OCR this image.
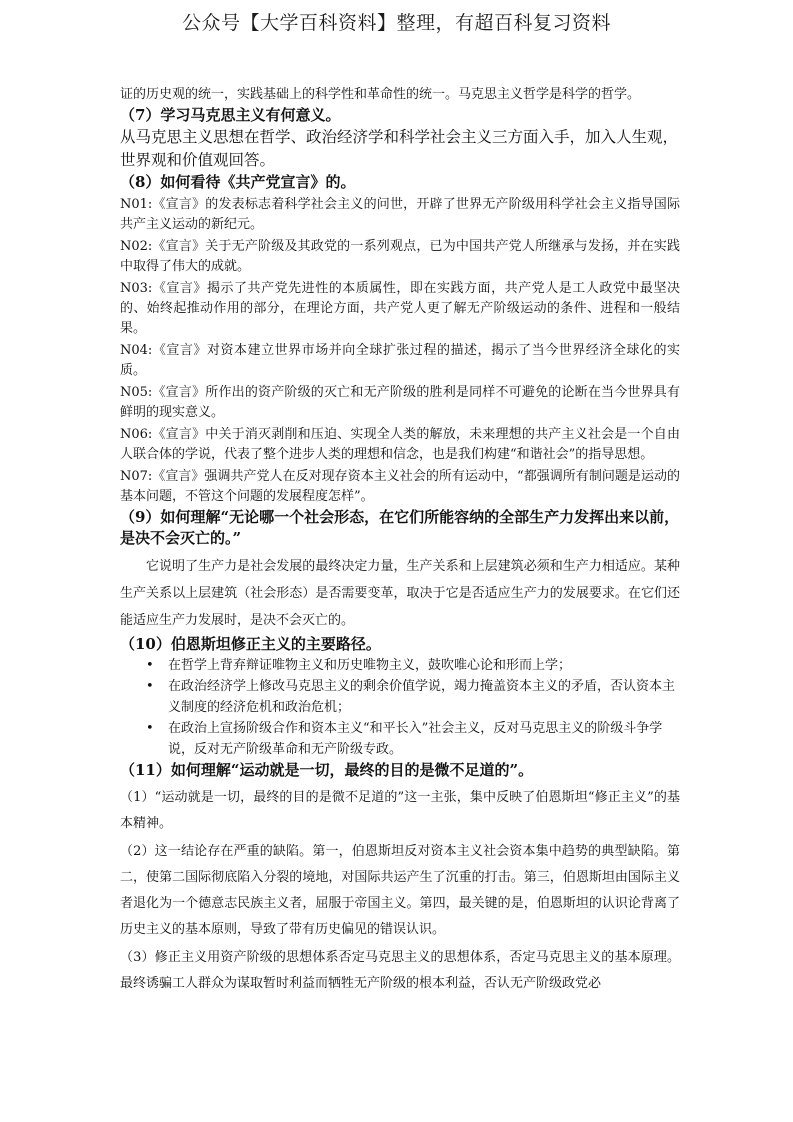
公众号【大学百科资料】整理，有超百科复习资料

证的历史观的统一，实践基础上的科学性和革命性的统一。马克思主义哲学是科学的哲学。

（7）学习马克思主义有何意义。

从马克思主义思想在哲学、政治经济学和科学社会主义三方面入手，加入人生观，世界观和价值观回答。

（8）如何看待《共产党宣言》的。

N01:《宣言》的发表标志着科学社会主义的问世，开辟了世界无产阶级用科学社会主义指导国际共产主义运动的新纪元。

N02:《宣言》关于无产阶级及其政党的一系列观点，已为中国共产党人所继承与发扬，并在实践中取得了伟大的成就。

N03:《宣言》揭示了共产党先进性的本质属性，即在实践方面，共产党人是工人政党中最坚决的、始终起推动作用的部分，在理论方面，共产党人更了解无产阶级运动的条件、进程和一般结果。

N04:《宣言》对资本建立世界市场并向全球扩张过程的描述，揭示了当今世界经济全球化的实质。

N05:《宣言》所作出的资产阶级的灭亡和无产阶级的胜利是同样不可避免的论断在当今世界具有鲜明的现实意义。

N06:《宣言》中关于消灭剥削和压迫、实现全人类的解放，未来理想的共产主义社会是一个自由人联合体的学说，代表了整个进步人类的理想和信念，也是我们构建“和谐社会”的指导思想。

N07:《宣言》强调共产党人在反对现存资本主义社会的所有运动中，“都强调所有制问题是运动的基本问题，不管这个问题的发展程度怎样”。

（9）如何理解“无论哪一个社会形态，在它们所能容纳的全部生产力发挥出来以前，是决不会灭亡的。”

它说明了生产力是社会发展的最终决定力量，生产关系和上层建筑必须和生产力相适应。某种生产关系以上层建筑（社会形态）是否需要变革，取决于它是否适应生产力的发展要求。在它们还能适应生产力发展时，是决不会灭亡的。

（10）伯恩斯坦修正主义的主要路径。

• 在哲学上背弃辩证唯物主义和历史唯物主义，鼓吹唯心论和形而上学；
• 在政治经济学上修改马克思主义的剩余价值学说，竭力掩盖资本主义的矛盾，否认资本主义制度的经济危机和政治危机；
• 在政治上宣扬阶级合作和资本主义“和平长入”社会主义，反对马克思主义的阶级斗争学说，反对无产阶级革命和无产阶级专政。

（11）如何理解“运动就是一切，最终的目的是微不足道的”。

（1）“运动就是一切，最终的目的是微不足道的”这一主张，集中反映了伯恩斯坦“修正主义”的基本精神。

（2）这一结论存在严重的缺陷。第一，伯恩斯坦反对资本主义社会资本集中趋势的典型缺陷。第二，使第二国际彻底陷入分裂的境地，对国际共运产生了沉重的打击。第三，伯恩斯坦由国际主义者退化为一个德意志民族主义者，屈服于帝国主义。第四，最关键的是，伯恩斯坦的认识论背离了历史主义的基本原则，导致了带有历史偏见的错误认识。

（3）修正主义用资产阶级的思想体系否定马克思主义的思想体系，否定马克思主义的基本原理。最终诱骗工人群众为谋取暂时利益而牺牲无产阶级的根本利益，否认无产阶级政党必
